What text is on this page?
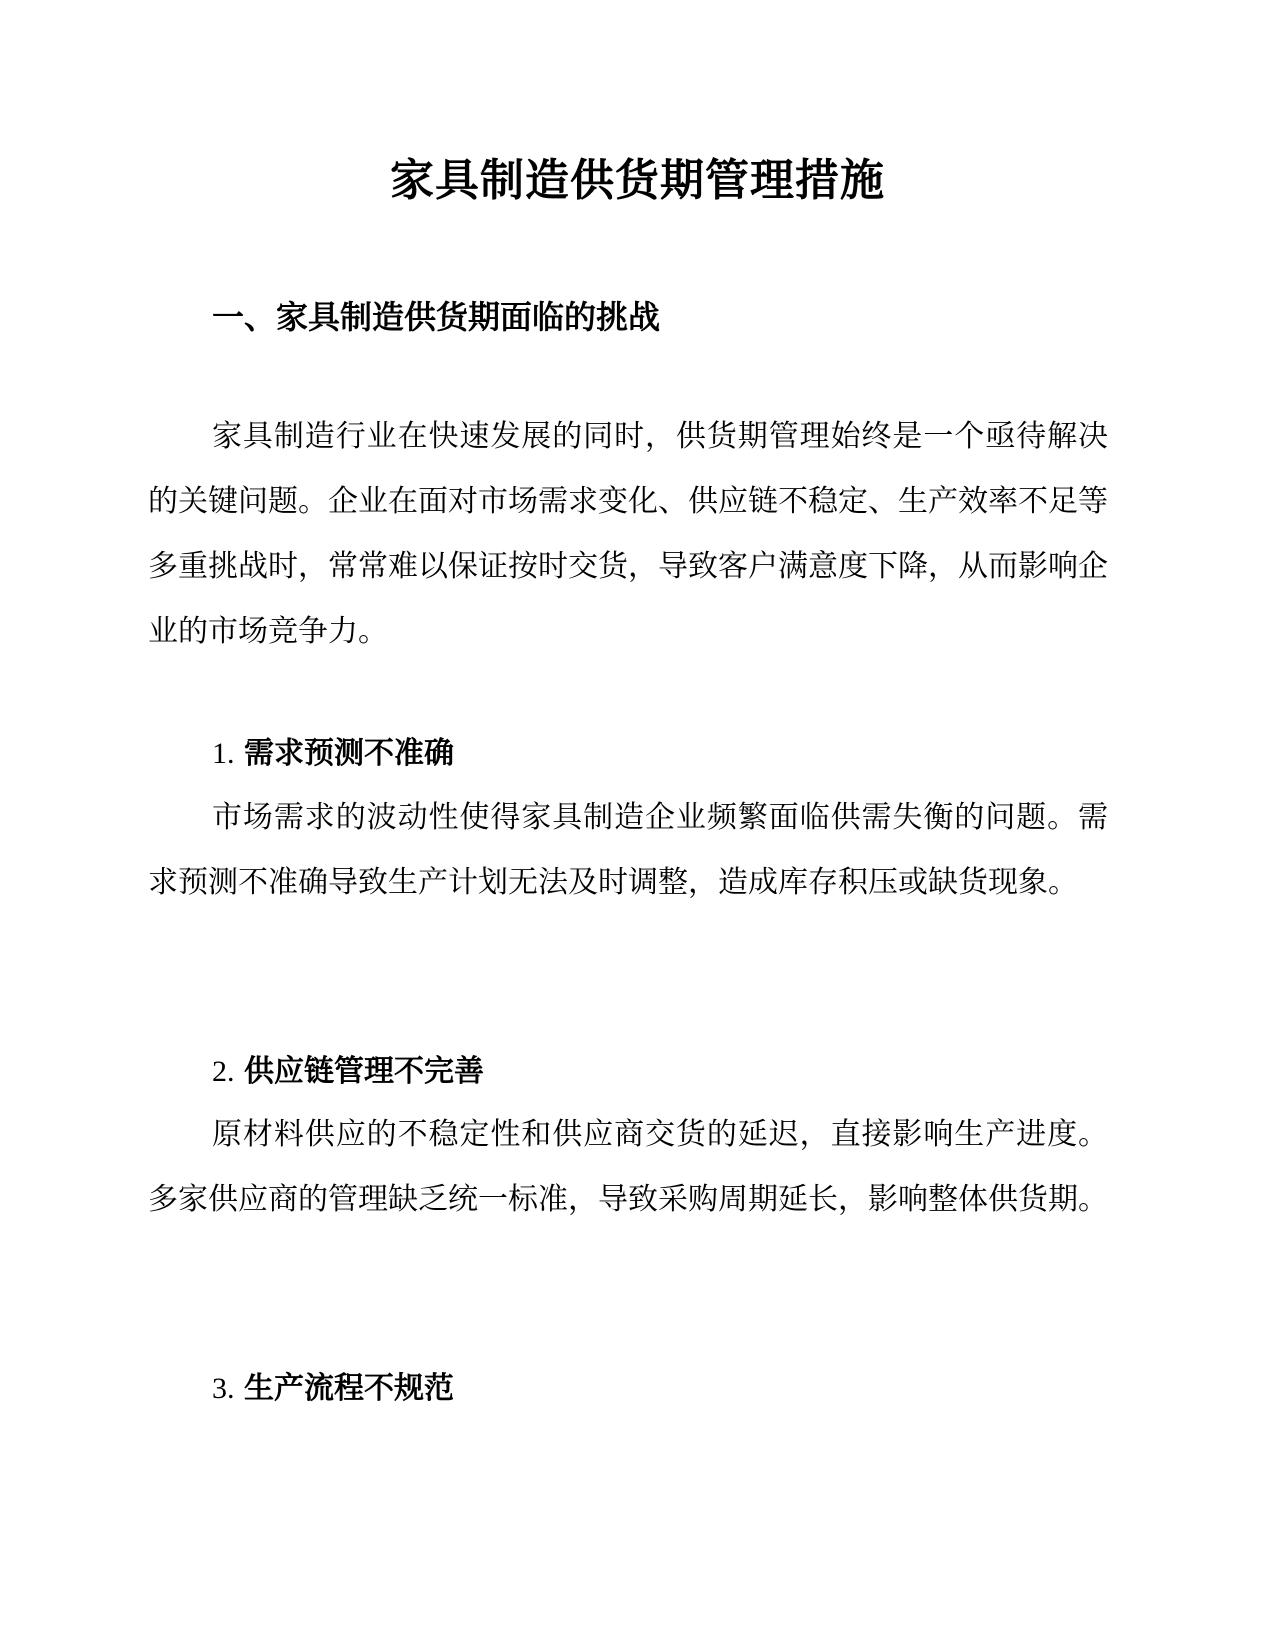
家具制造供货期管理措施
一、家具制造供货期面临的挑战

家具制造行业在快速发展的同时，供货期管理始终是一个亟待解决的关键问题。企业在面对市场需求变化、供应链不稳定、生产效率不足等多重挑战时，常常难以保证按时交货，导致客户满意度下降，从而影响企业的市场竞争力。

1. 需求预测不准确

市场需求的波动性使得家具制造企业频繁面临供需失衡的问题。需求预测不准确导致生产计划无法及时调整，造成库存积压或缺货现象。

2. 供应链管理不完善

原材料供应的不稳定性和供应商交货的延迟，直接影响生产进度。多家供应商的管理缺乏统一标准，导致采购周期延长，影响整体供货期。

3. 生产流程不规范
